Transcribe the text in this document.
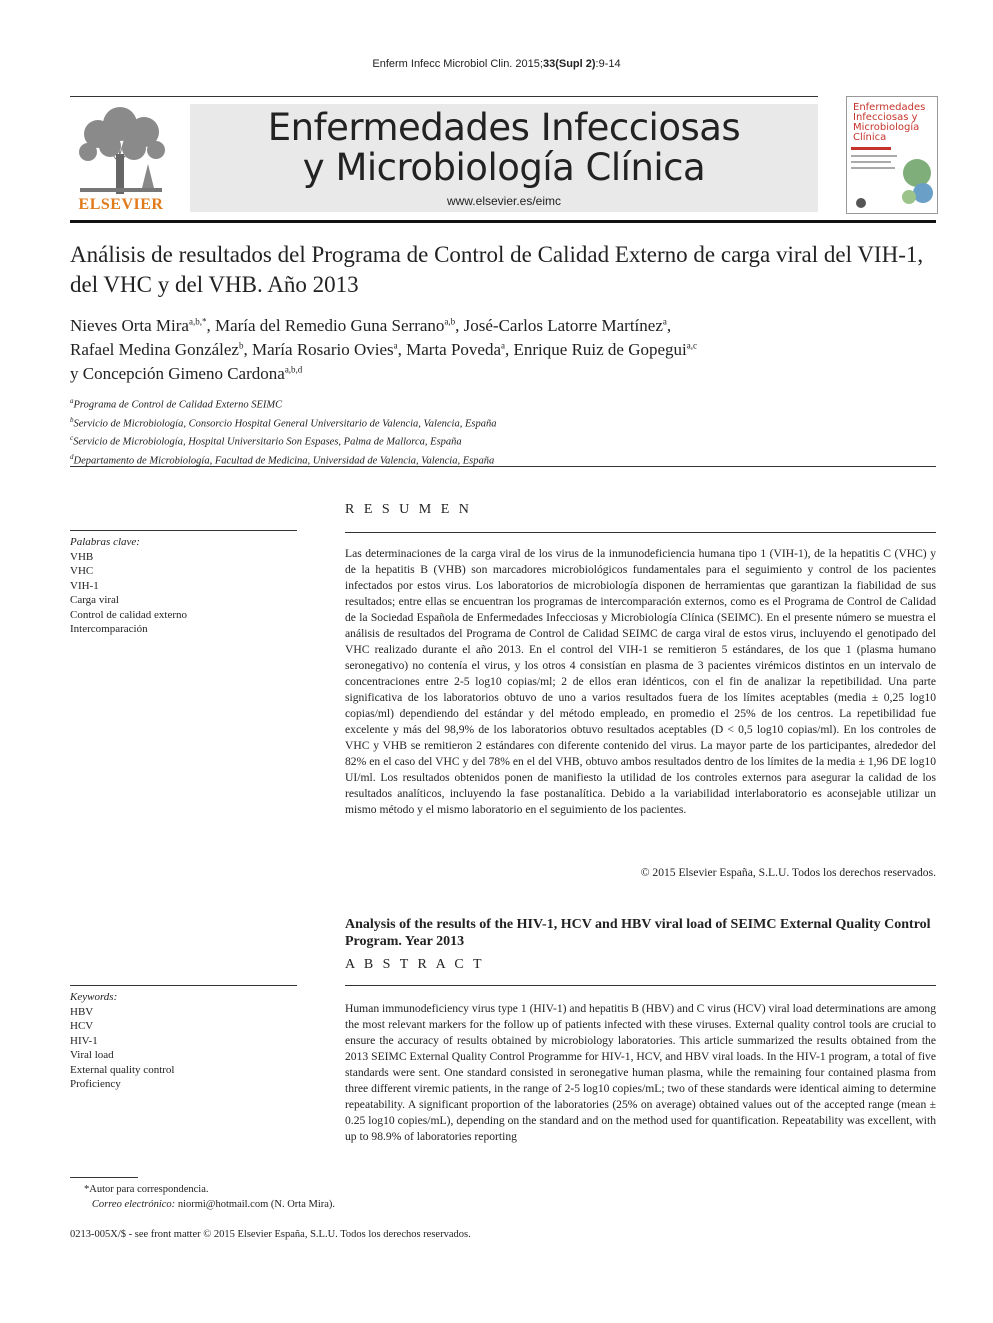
Enferm Infecc Microbiol Clin. 2015;33(Supl 2):9-14
ELSEVIER
Enfermedades Infecciosas
y Microbiología Clínica
www.elsevier.es/eimc
Enfermedades
Infecciosas y
Microbiología
Clínica
Análisis de resultados del Programa de Control de Calidad Externo de carga viral del VIH-1, del VHC y del VHB. Año 2013
Nieves Orta Mira$^{a,b,*}$, María del Remedio Guna Serrano$^{a,b}$, José-Carlos Latorre Martínez$^a$,
Rafael Medina González$^b$, María Rosario Ovies$^a$, Marta Poveda$^a$, Enrique Ruiz de Gopegui$^{a,c}$
y Concepción Gimeno Cardona$^{a,b,d}$
$^a$Programa de Control de Calidad Externo SEIMC
$^b$Servicio de Microbiología, Consorcio Hospital General Universitario de Valencia, Valencia, España
$^c$Servicio de Microbiología, Hospital Universitario Son Espases, Palma de Mallorca, España
$^d$Departamento de Microbiología, Facultad de Medicina, Universidad de Valencia, Valencia, España
R E S U M E N
Palabras clave:
VHB
VHC
VIH-1
Carga viral
Control de calidad externo
Intercomparación
Las determinaciones de la carga viral de los virus de la inmunodeficiencia humana tipo 1 (VIH-1), de la hepatitis C (VHC) y de la hepatitis B (VHB) son marcadores microbiológicos fundamentales para el seguimiento y control de los pacientes infectados por estos virus. Los laboratorios de microbiología disponen de herramientas que garantizan la fiabilidad de sus resultados; entre ellas se encuentran los programas de intercomparación externos, como es el Programa de Control de Calidad de la Sociedad Española de Enfermedades Infecciosas y Microbiología Clínica (SEIMC). En el presente número se muestra el análisis de resultados del Programa de Control de Calidad SEIMC de carga viral de estos virus, incluyendo el genotipado del VHC realizado durante el año 2013. En el control del VIH-1 se remitieron 5 estándares, de los que 1 (plasma humano seronegativo) no contenía el virus, y los otros 4 consistían en plasma de 3 pacientes virémicos distintos en un intervalo de concentraciones entre 2-5 log10 copias/ml; 2 de ellos eran idénticos, con el fin de analizar la repetibilidad. Una parte significativa de los laboratorios obtuvo de uno a varios resultados fuera de los límites aceptables (media ± 0,25 log10 copias/ml) dependiendo del estándar y del método empleado, en promedio el 25% de los centros. La repetibilidad fue excelente y más del 98,9% de los laboratorios obtuvo resultados aceptables (D < 0,5 log10 copias/ml). En los controles de VHC y VHB se remitieron 2 estándares con diferente contenido del virus. La mayor parte de los participantes, alrededor del 82% en el caso del VHC y del 78% en el del VHB, obtuvo ambos resultados dentro de los límites de la media ± 1,96 DE log10 UI/ml. Los resultados obtenidos ponen de manifiesto la utilidad de los controles externos para asegurar la calidad de los resultados analíticos, incluyendo la fase postanalítica. Debido a la variabilidad interlaboratorio es aconsejable utilizar un mismo método y el mismo laboratorio en el seguimiento de los pacientes.
© 2015 Elsevier España, S.L.U. Todos los derechos reservados.
Analysis of the results of the HIV-1, HCV and HBV viral load of SEIMC External Quality Control Program. Year 2013
A B S T R A C T
Keywords:
HBV
HCV
HIV-1
Viral load
External quality control
Proficiency
Human immunodeficiency virus type 1 (HIV-1) and hepatitis B (HBV) and C virus (HCV) viral load determinations are among the most relevant markers for the follow up of patients infected with these viruses. External quality control tools are crucial to ensure the accuracy of results obtained by microbiology laboratories. This article summarized the results obtained from the 2013 SEIMC External Quality Control Programme for HIV-1, HCV, and HBV viral loads. In the HIV-1 program, a total of five standards were sent. One standard consisted in seronegative human plasma, while the remaining four contained plasma from three different viremic patients, in the range of 2-5 log10 copies/mL; two of these standards were identical aiming to determine repeatability. A significant proportion of the laboratories (25% on average) obtained values out of the accepted range (mean ± 0.25 log10 copies/mL), depending on the standard and on the method used for quantification. Repeatability was excellent, with up to 98.9% of laboratories reporting
*Autor para correspondencia.
Correo electrónico: niormi@hotmail.com (N. Orta Mira).
0213-005X/$ - see front matter © 2015 Elsevier España, S.L.U. Todos los derechos reservados.
